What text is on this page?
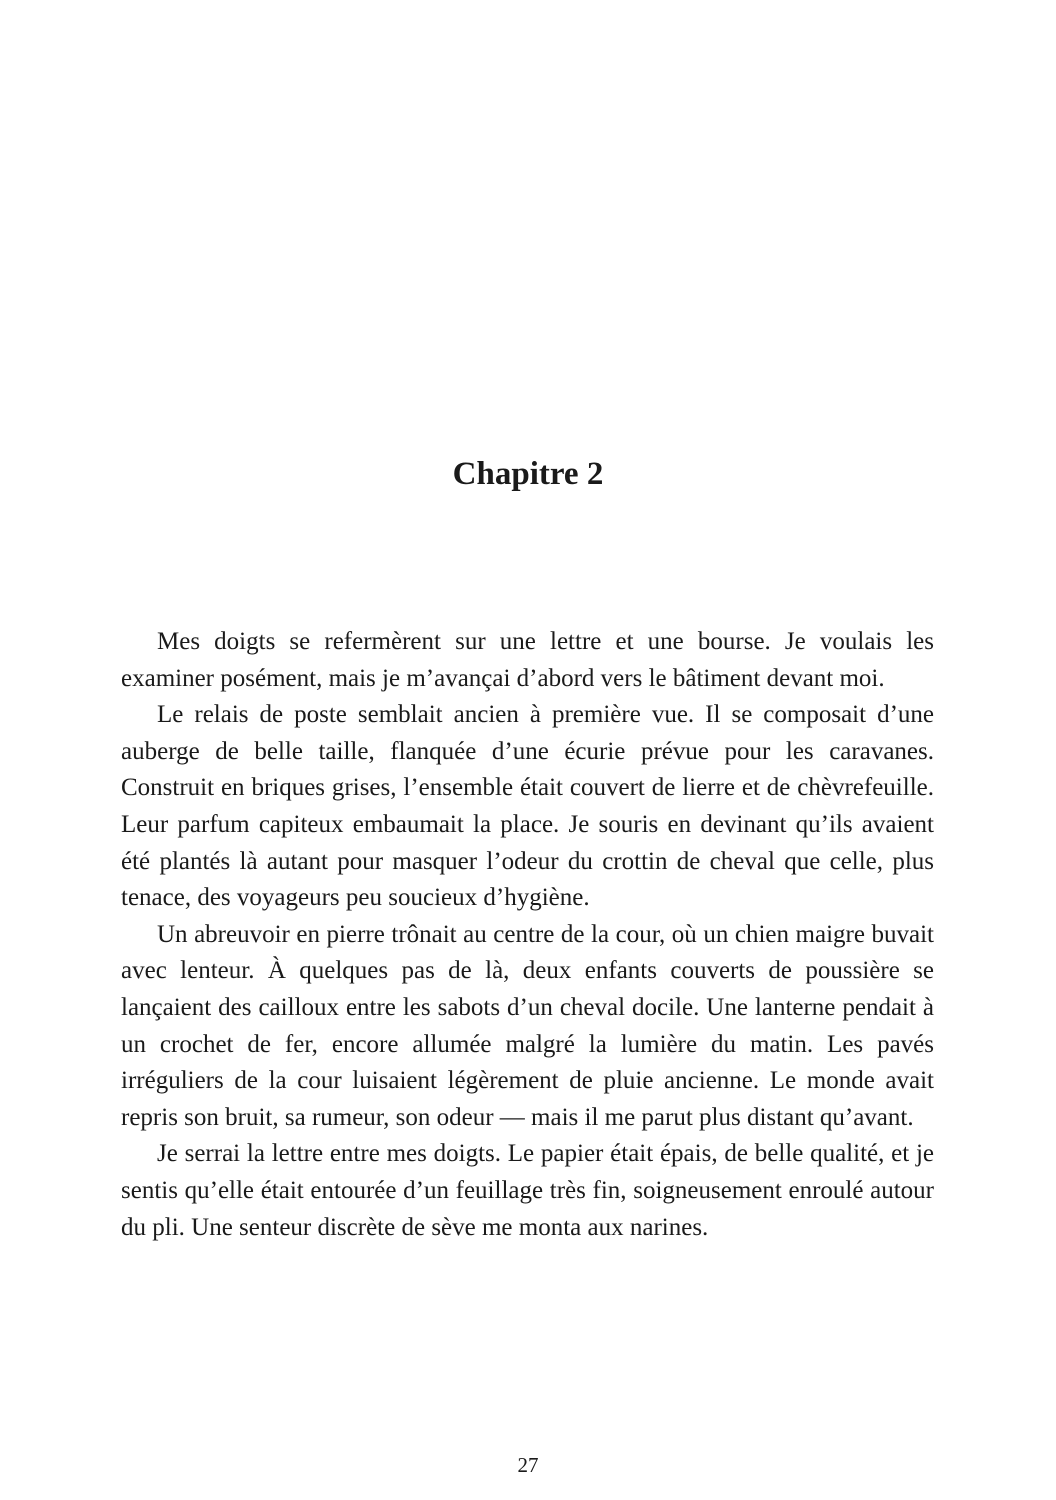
Chapitre 2

Mes doigts se refermèrent sur une lettre et une bourse. Je voulais les examiner posément, mais je m’avançai d’abord vers le bâtiment devant moi.

Le relais de poste semblait ancien à première vue. Il se composait d’une auberge de belle taille, flanquée d’une écurie prévue pour les caravanes. Construit en briques grises, l’ensemble était couvert de lierre et de chèvrefeuille. Leur parfum capiteux embaumait la place. Je souris en devinant qu’ils avaient été plantés là autant pour masquer l’odeur du crottin de cheval que celle, plus tenace, des voyageurs peu soucieux d’hygiène.

Un abreuvoir en pierre trônait au centre de la cour, où un chien maigre buvait avec lenteur. À quelques pas de là, deux enfants couverts de poussière se lançaient des cailloux entre les sabots d’un cheval docile. Une lanterne pendait à un crochet de fer, encore allumée malgré la lumière du matin. Les pavés irréguliers de la cour luisaient légèrement de pluie ancienne. Le monde avait repris son bruit, sa rumeur, son odeur — mais il me parut plus distant qu’avant.

Je serrai la lettre entre mes doigts. Le papier était épais, de belle qualité, et je sentis qu’elle était entourée d’un feuillage très fin, soigneusement enroulé autour du pli. Une senteur discrète de sève me monta aux narines.

27
